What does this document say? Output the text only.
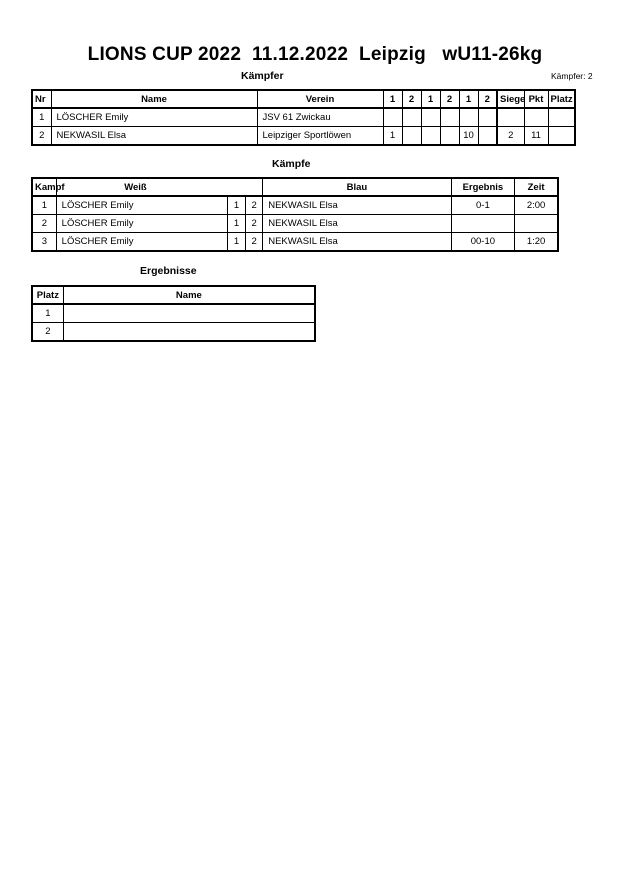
LIONS CUP 2022  11.12.2022  Leipzig   wU11-26kg
Kämpfer	Kämpfer: 2
Nr	Name	Verein	1	2	1	2	1	2	Siege	Pkt	Platz
1	LÖSCHER Emily	JSV 61 Zwickau									
2	NEKWASIL Elsa	Leipziger Sportlöwen	1				10		2	11	
Kämpfe
Kampf	Weiß			Blau	Ergebnis	Zeit
1	LÖSCHER Emily	1	2	NEKWASIL Elsa	0-1	2:00
2	LÖSCHER Emily	1	2	NEKWASIL Elsa		
3	LÖSCHER Emily	1	2	NEKWASIL Elsa	00-10	1:20
Ergebnisse
Platz	Name
1	
2	
